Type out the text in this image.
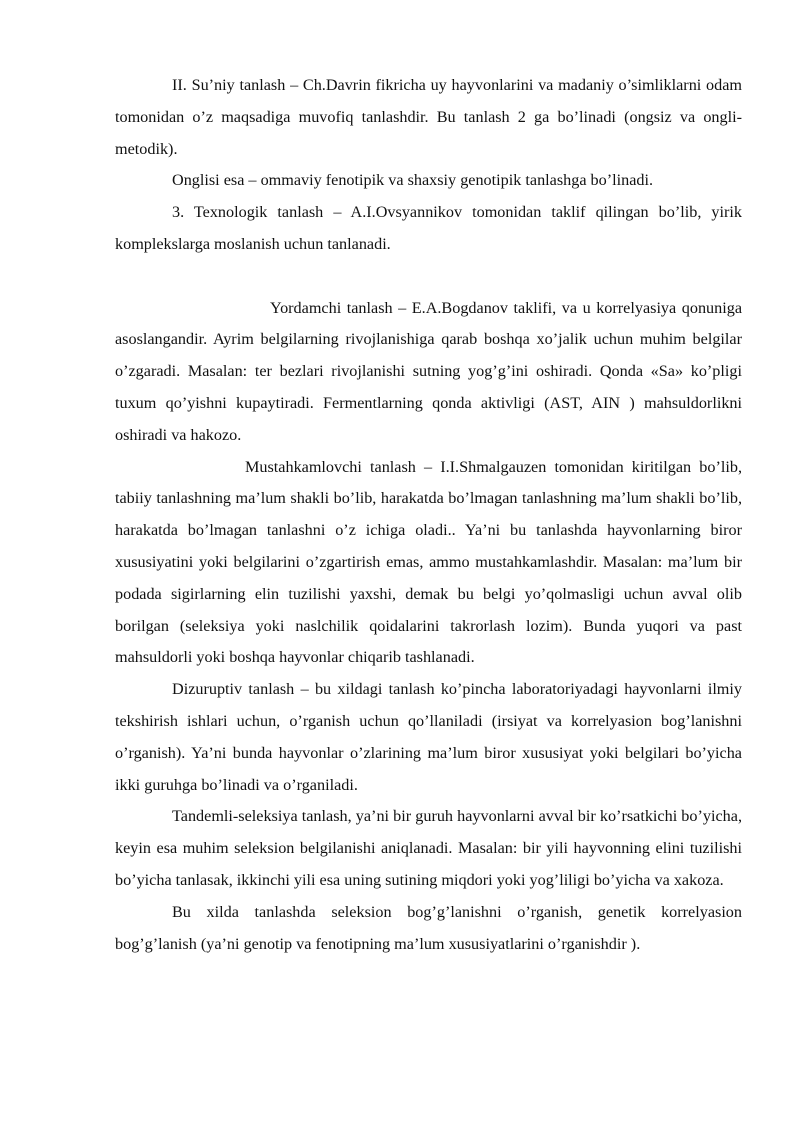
II. Su’niy tanlash – Ch.Davrin fikricha uy hayvonlarini va madaniy o’simliklarni odam tomonidan o’z maqsadiga muvofiq tanlashdir. Bu tanlash 2 ga bo’linadi (ongsiz va ongli-metodik).

Onglisi esa – ommaviy fenotipik va shaxsiy genotipik tanlashga bo’linadi.

3. Texnologik tanlash – A.I.Ovsyannikov tomonidan taklif qilingan bo’lib, yirik komplekslarga moslanish uchun tanlanadi.

Yordamchi tanlash – E.A.Bogdanov taklifi, va u korrelyasiya qonuniga asoslangandir. Ayrim belgilarning rivojlanishiga qarab boshqa xo’jalik uchun muhim belgilar o’zgaradi. Masalan: ter bezlari rivojlanishi sutning yog’g’ini oshiradi. Qonda «Sa» ko’pligi tuxum qo’yishni kupaytiradi. Fermentlarning qonda aktivligi (AST, AIN ) mahsuldorlikni oshiradi va hakozo.

Mustahkamlovchi tanlash – I.I.Shmalgauzen tomonidan kiritilgan bo’lib, tabiiy tanlashning ma’lum shakli bo’lib, harakatda bo’lmagan tanlashning ma’lum shakli bo’lib, harakatda bo’lmagan tanlashni o’z ichiga oladi.. Ya’ni bu tanlashda hayvonlarning biror xususiyatini yoki belgilarini o’zgartirish emas, ammo mustahkamlashdir. Masalan: ma’lum bir podada sigirlarning elin tuzilishi yaxshi, demak bu belgi yo’qolmasligi uchun avval olib borilgan (seleksiya yoki naslchilik qoidalarini takrorlash lozim). Bunda yuqori va past mahsuldorli yoki boshqa hayvonlar chiqarib tashlanadi.

Dizuruptiv tanlash – bu xildagi tanlash ko’pincha laboratoriyadagi hayvonlarni ilmiy tekshirish ishlari uchun, o’rganish uchun qo’llaniladi (irsiyat va korrelyasion bog’lanishni o’rganish). Ya’ni bunda hayvonlar o’zlarining ma’lum biror xususiyat yoki belgilari bo’yicha ikki guruhga bo’linadi va o’rganiladi.

Tandemli-seleksiya tanlash, ya’ni bir guruh hayvonlarni avval bir ko’rsatkichi bo’yicha, keyin esa muhim seleksion belgilanishi aniqlanadi. Masalan: bir yili hayvonning elini tuzilishi bo’yicha tanlasak, ikkinchi yili esa uning sutining miqdori yoki yog’liligi bo’yicha va xakoza.

Bu xilda tanlashda seleksion bog’g’lanishni o’rganish, genetik korrelyasion bog’g’lanish (ya’ni genotip va fenotipning ma’lum xususiyatlarini o’rganishdir ).
